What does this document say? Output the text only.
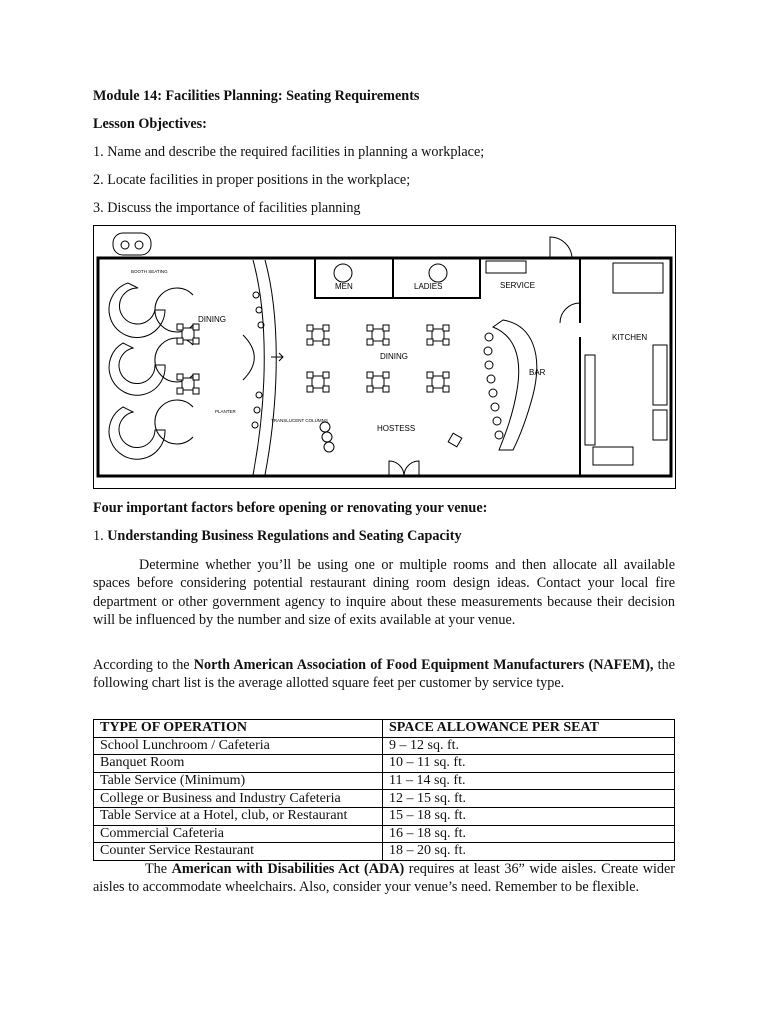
Module 14: Facilities Planning: Seating Requirements
Lesson Objectives:
1. Name and describe the required facilities in planning a workplace;
2. Locate facilities in proper positions in the workplace;
3. Discuss the importance of facilities planning
BOOTH SEATING
DINING
DINING
MEN	LADIES	SERVICE
KITCHEN
BAR
HOSTESS
PLANTER
TRANSLUCENT COLUMNS
Four important factors before opening or renovating your venue:
1. Understanding Business Regulations and Seating Capacity
Determine whether you’ll be using one or multiple rooms and then allocate all available spaces before considering potential restaurant dining room design ideas. Contact your local fire department or other government agency to inquire about these measurements because their decision will be influenced by the number and size of exits available at your venue.
According to the North American Association of Food Equipment Manufacturers (NAFEM), the following chart list is the average allotted square feet per customer by service type.
TYPE OF OPERATION	SPACE ALLOWANCE PER SEAT
School Lunchroom / Cafeteria	9 – 12 sq. ft.
Banquet Room	10 – 11 sq. ft.
Table Service (Minimum)	11 – 14 sq. ft.
College or Business and Industry Cafeteria	12 – 15 sq. ft.
Table Service at a Hotel, club, or Restaurant	15 – 18 sq. ft.
Commercial Cafeteria	16 – 18 sq. ft.
Counter Service Restaurant	18 – 20 sq. ft.
The American with Disabilities Act (ADA) requires at least 36” wide aisles. Create wider aisles to accommodate wheelchairs. Also, consider your venue’s need. Remember to be flexible.
